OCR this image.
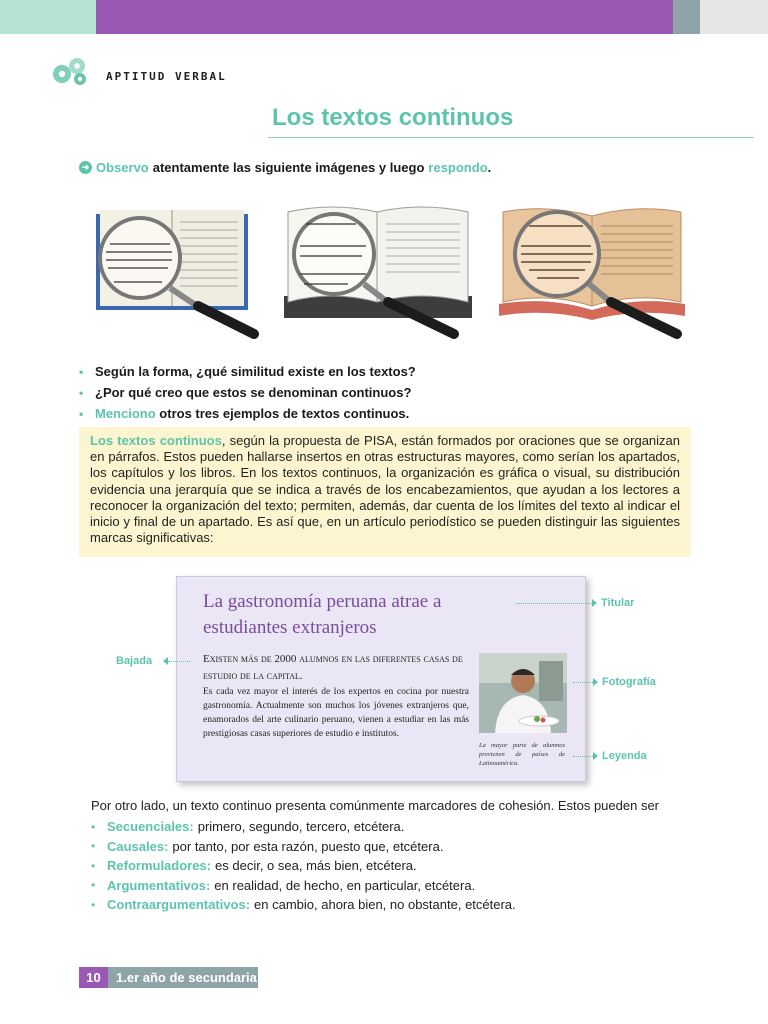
APTITUD VERBAL
Los textos continuos
➜ Observo atentamente las siguiente imágenes y luego respondo .
• Según la forma, ¿qué similitud existe en los textos?
• ¿Por qué creo que estos se denominan continuos?
• Menciono
otros tres ejemplos de textos continuos.
Los textos continuos, según la propuesta de PISA, están formados por oraciones que se organizan en párrafos. Estos pueden hallarse insertos en otras estructuras mayores, como serían los apartados, los capítulos y los libros. En los textos continuos, la organización es gráfica o visual, su distribución evidencia una jerarquía que se indica a través de los encabezamientos, que ayudan a los lectores a reconocer la organización del texto; permiten, además, dar cuenta de los límites del texto al indicar el inicio y final de un apartado. Es así que, en un artículo periodístico se pueden distinguir las siguientes marcas significativas:
La gastronomía peruana atrae a estudiantes extranjeros
Existen más de 2000 alumnos en las diferentes casas de estudio de la capital.
Es cada vez mayor el interés de los expertos en cocina por nuestra gastronomía. Actualmente son muchos los jóvenes extranjeros que, enamorados del arte culinario peruano, vienen a estudiar en las más prestigiosas casas superiores de estudio e institutos.
La mayor parte de alumnos provienen de países de Latinoamérica.
Titular
Bajada
Fotografía
Leyenda
Por otro lado, un texto continuo presenta comúnmente marcadores de cohesión. Estos pueden ser
• Secuenciales: primero, segundo, tercero, etcétera.
• Causales: por tanto, por esta razón, puesto que, etcétera.
• Reformuladores: es decir, o sea, más bien, etcétera.
• Argumentativos: en realidad, de hecho, en particular, etcétera.
• Contraargumentativos: en cambio, ahora bien, no obstante, etcétera.
10	1.er año de secundaria
